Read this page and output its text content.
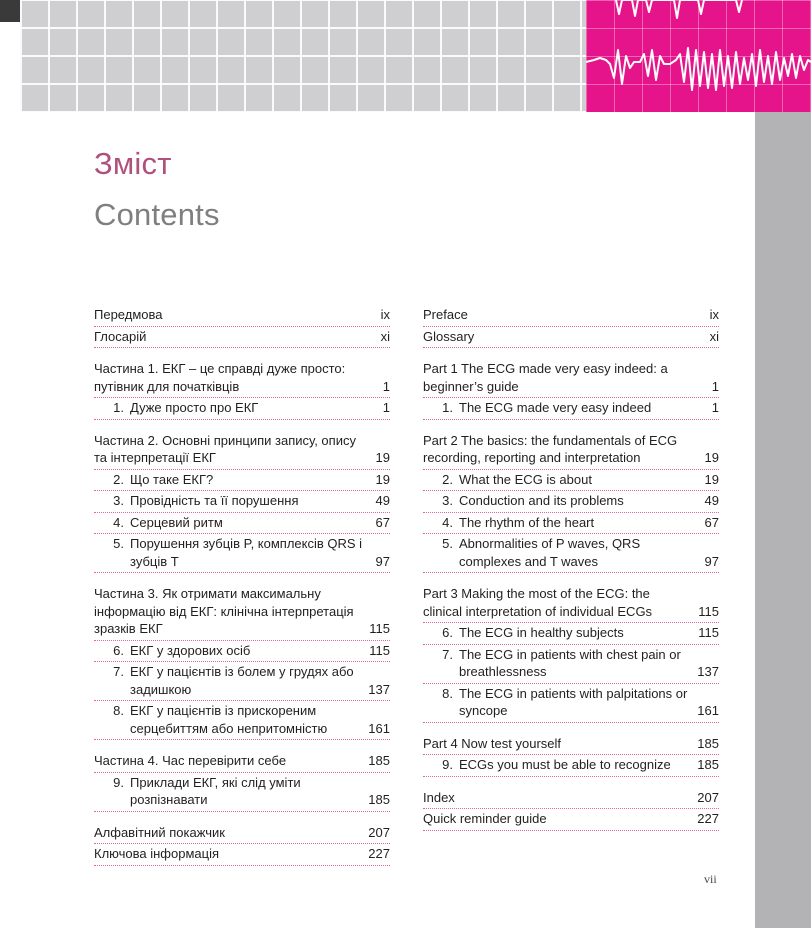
Зміст
Contents
Передмова	ix
Глосарій	xi
Частина 1. ЕКГ – це справді дуже просто: путівник для початківців	1
1. Дуже просто про ЕКГ	1
Частина 2. Основні принципи запису, опису та інтерпретації ЕКГ	19
2. Що таке ЕКГ?	19
3. Провідність та її порушення	49
4. Серцевий ритм	67
5. Порушення зубців P, комплексів QRS і зубців T	97
Частина 3. Як отримати максимальну інформацію від ЕКГ: клінічна інтерпретація зразків ЕКГ	115
6. ЕКГ у здорових осіб	115
7. ЕКГ у пацієнтів із болем у грудях або задишкою	137
8. ЕКГ у пацієнтів із прискореним серцебиттям або непритомністю	161
Частина 4. Час перевірити себе	185
9. Приклади ЕКГ, які слід уміти розпізнавати	185
Алфавітний покажчик	207
Ключова інформація	227
Preface	ix
Glossary	xi
Part 1 The ECG made very easy indeed: a beginner’s guide	1
1. The ECG made very easy indeed	1
Part 2 The basics: the fundamentals of ECG recording, reporting and interpretation	19
2. What the ECG is about	19
3. Conduction and its problems	49
4. The rhythm of the heart	67
5. Abnormalities of P waves, QRS complexes and T waves	97
Part 3 Making the most of the ECG: the clinical interpretation of individual ECGs	115
6. The ECG in healthy subjects	115
7. The ECG in patients with chest pain or breathlessness	137
8. The ECG in patients with palpitations or syncope	161
Part 4 Now test yourself	185
9. ECGs you must be able to recognize 185
Index	207
Quick reminder guide	227
vii
